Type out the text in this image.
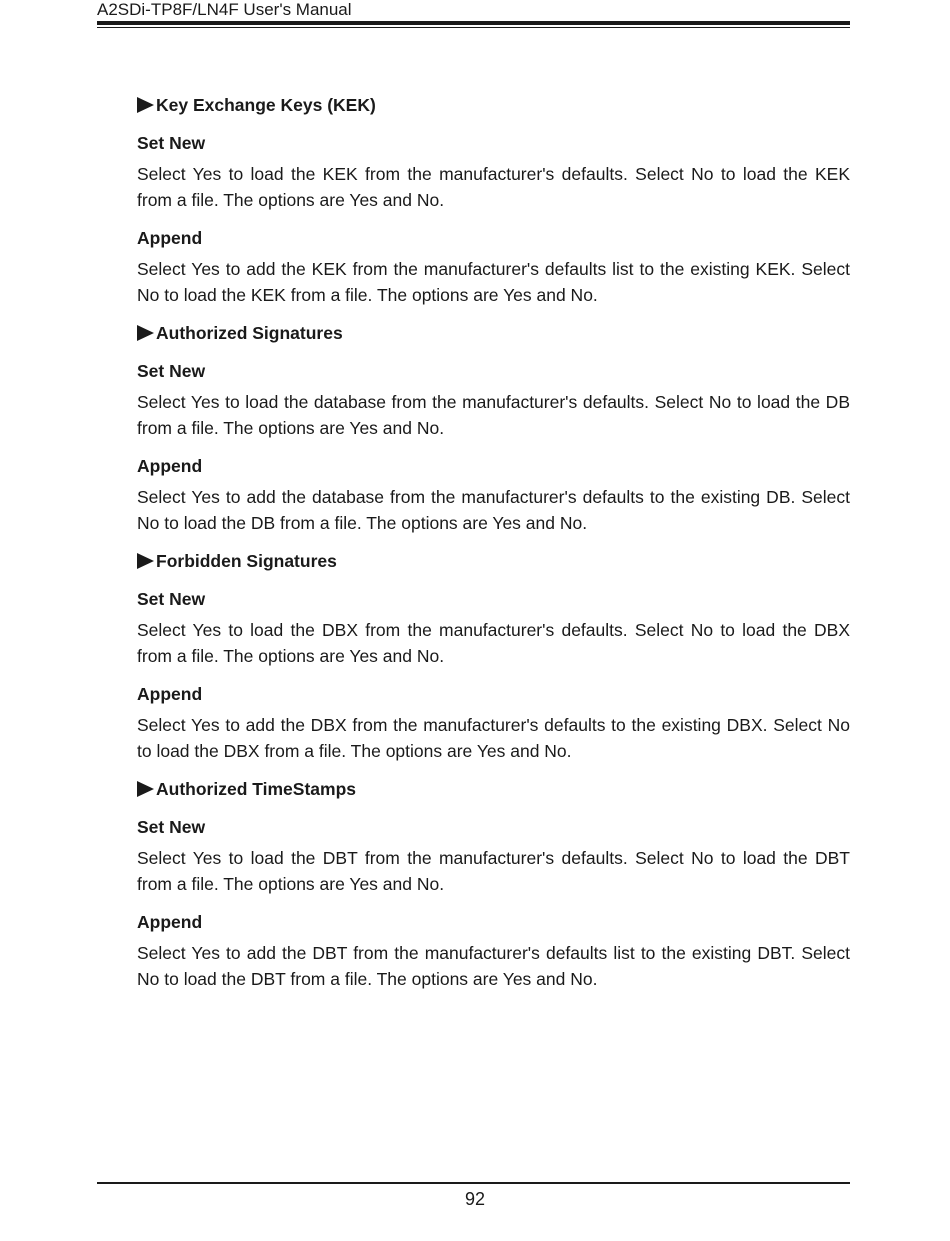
A2SDi-TP8F/LN4F User's Manual
Key Exchange Keys (KEK)
Set New
Select Yes to load the KEK from the manufacturer's defaults. Select No to load the KEK from a file. The options are Yes and No.
Append
Select Yes to add the KEK from the manufacturer's defaults list to the existing KEK. Select No to load the KEK from a file. The options are Yes and No.
Authorized Signatures
Set New
Select Yes to load the database from the manufacturer's defaults. Select No to load the DB from a file. The options are Yes and No.
Append
Select Yes to add the database from the manufacturer's defaults to the existing DB. Select No to load the DB from a file. The options are Yes and No.
Forbidden Signatures
Set New
Select Yes to load the DBX from the manufacturer's defaults. Select No to load the DBX from a file. The options are Yes and No.
Append
Select Yes to add the DBX from the manufacturer's defaults to the existing DBX. Select No to load the DBX from a file. The options are Yes and No.
Authorized TimeStamps
Set New
Select Yes to load the DBT from the manufacturer's defaults. Select No to load the DBT from a file. The options are Yes and No.
Append
Select Yes to add the DBT from the manufacturer's defaults list to the existing DBT. Select No to load the DBT from a file. The options are Yes and No.
92
